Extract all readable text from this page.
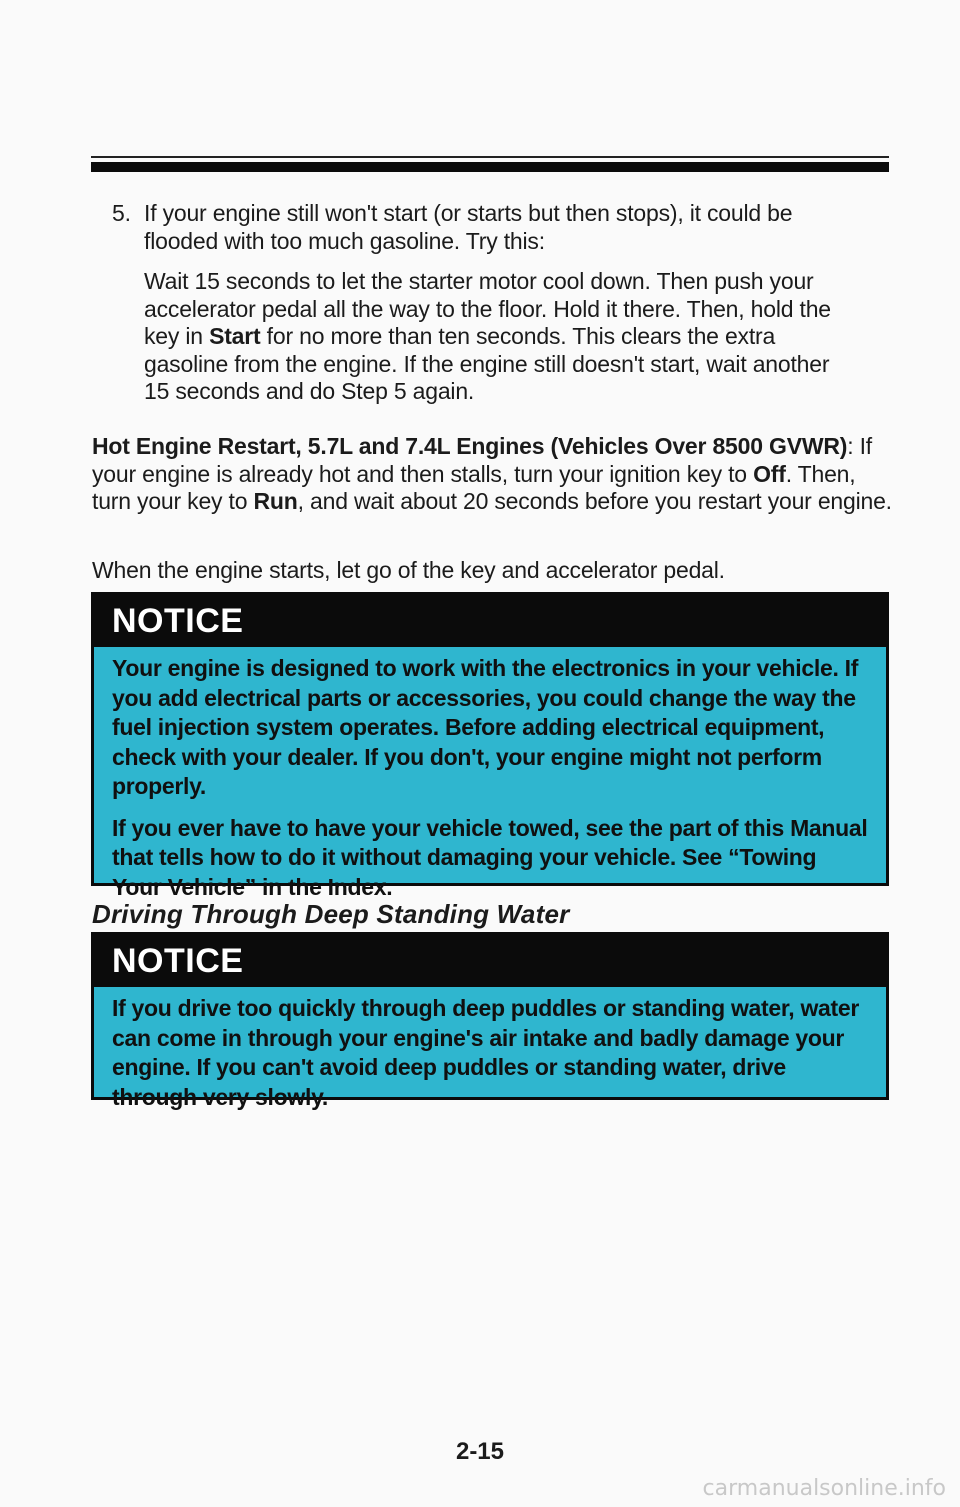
5. If your engine still won't start (or starts but then stops), it could be flooded with too much gasoline. Try this:
Wait 15 seconds to let the starter motor cool down. Then push your accelerator pedal all the way to the floor. Hold it there. Then, hold the key in Start for no more than ten seconds. This clears the extra gasoline from the engine. If the engine still doesn't start, wait another 15 seconds and do Step 5 again.
Hot Engine Restart, 5.7L and 7.4L Engines (Vehicles Over 8500 GVWR): If your engine is already hot and then stalls, turn your ignition key to Off. Then, turn your key to Run, and wait about 20 seconds before you restart your engine.
When the engine starts, let go of the key and accelerator pedal.
NOTICE

Your engine is designed to work with the electronics in your vehicle. If you add electrical parts or accessories, you could change the way the fuel injection system operates. Before adding electrical equipment, check with your dealer. If you don't, your engine might not perform properly.

If you ever have to have your vehicle towed, see the part of this Manual that tells how to do it without damaging your vehicle. See “Towing Your Vehicle” in the Index.

Driving Through Deep Standing Water
NOTICE

If you drive too quickly through deep puddles or standing water, water can come in through your engine's air intake and badly damage your engine. If you can't avoid deep puddles or standing water, drive through very slowly.

2-15
carmanualsonline.info
